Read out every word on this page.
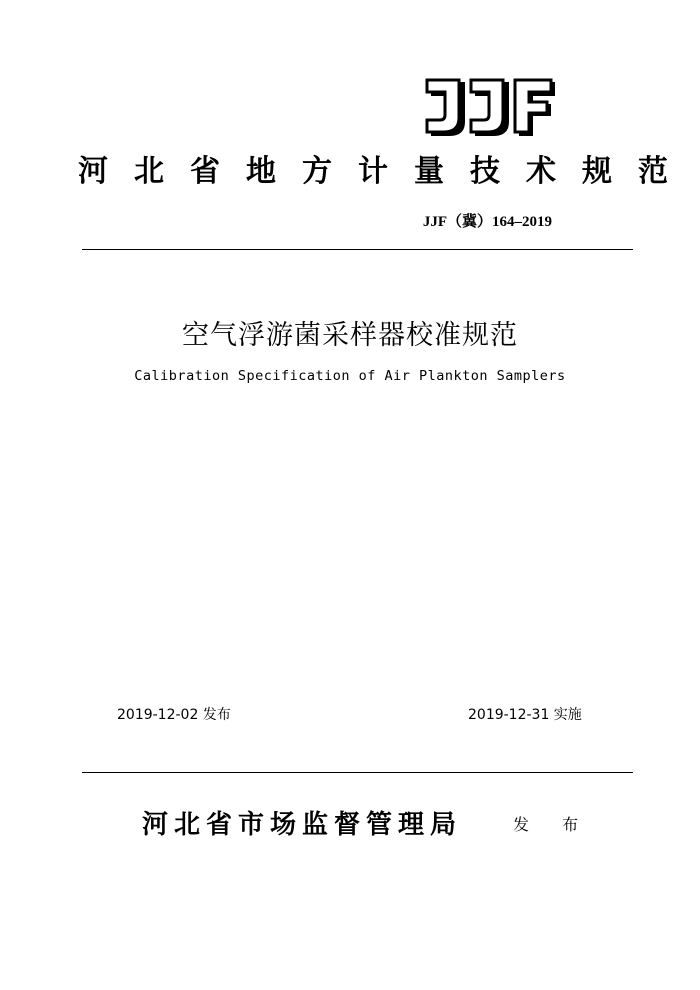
河北省地方计量技术规范
JJF（冀）164–2019
空气浮游菌采样器校准规范
Calibration Specification of Air Plankton Samplers
2019-12-02 发布	2019-12-31 实施
河北省市场监督管理局	发 布
